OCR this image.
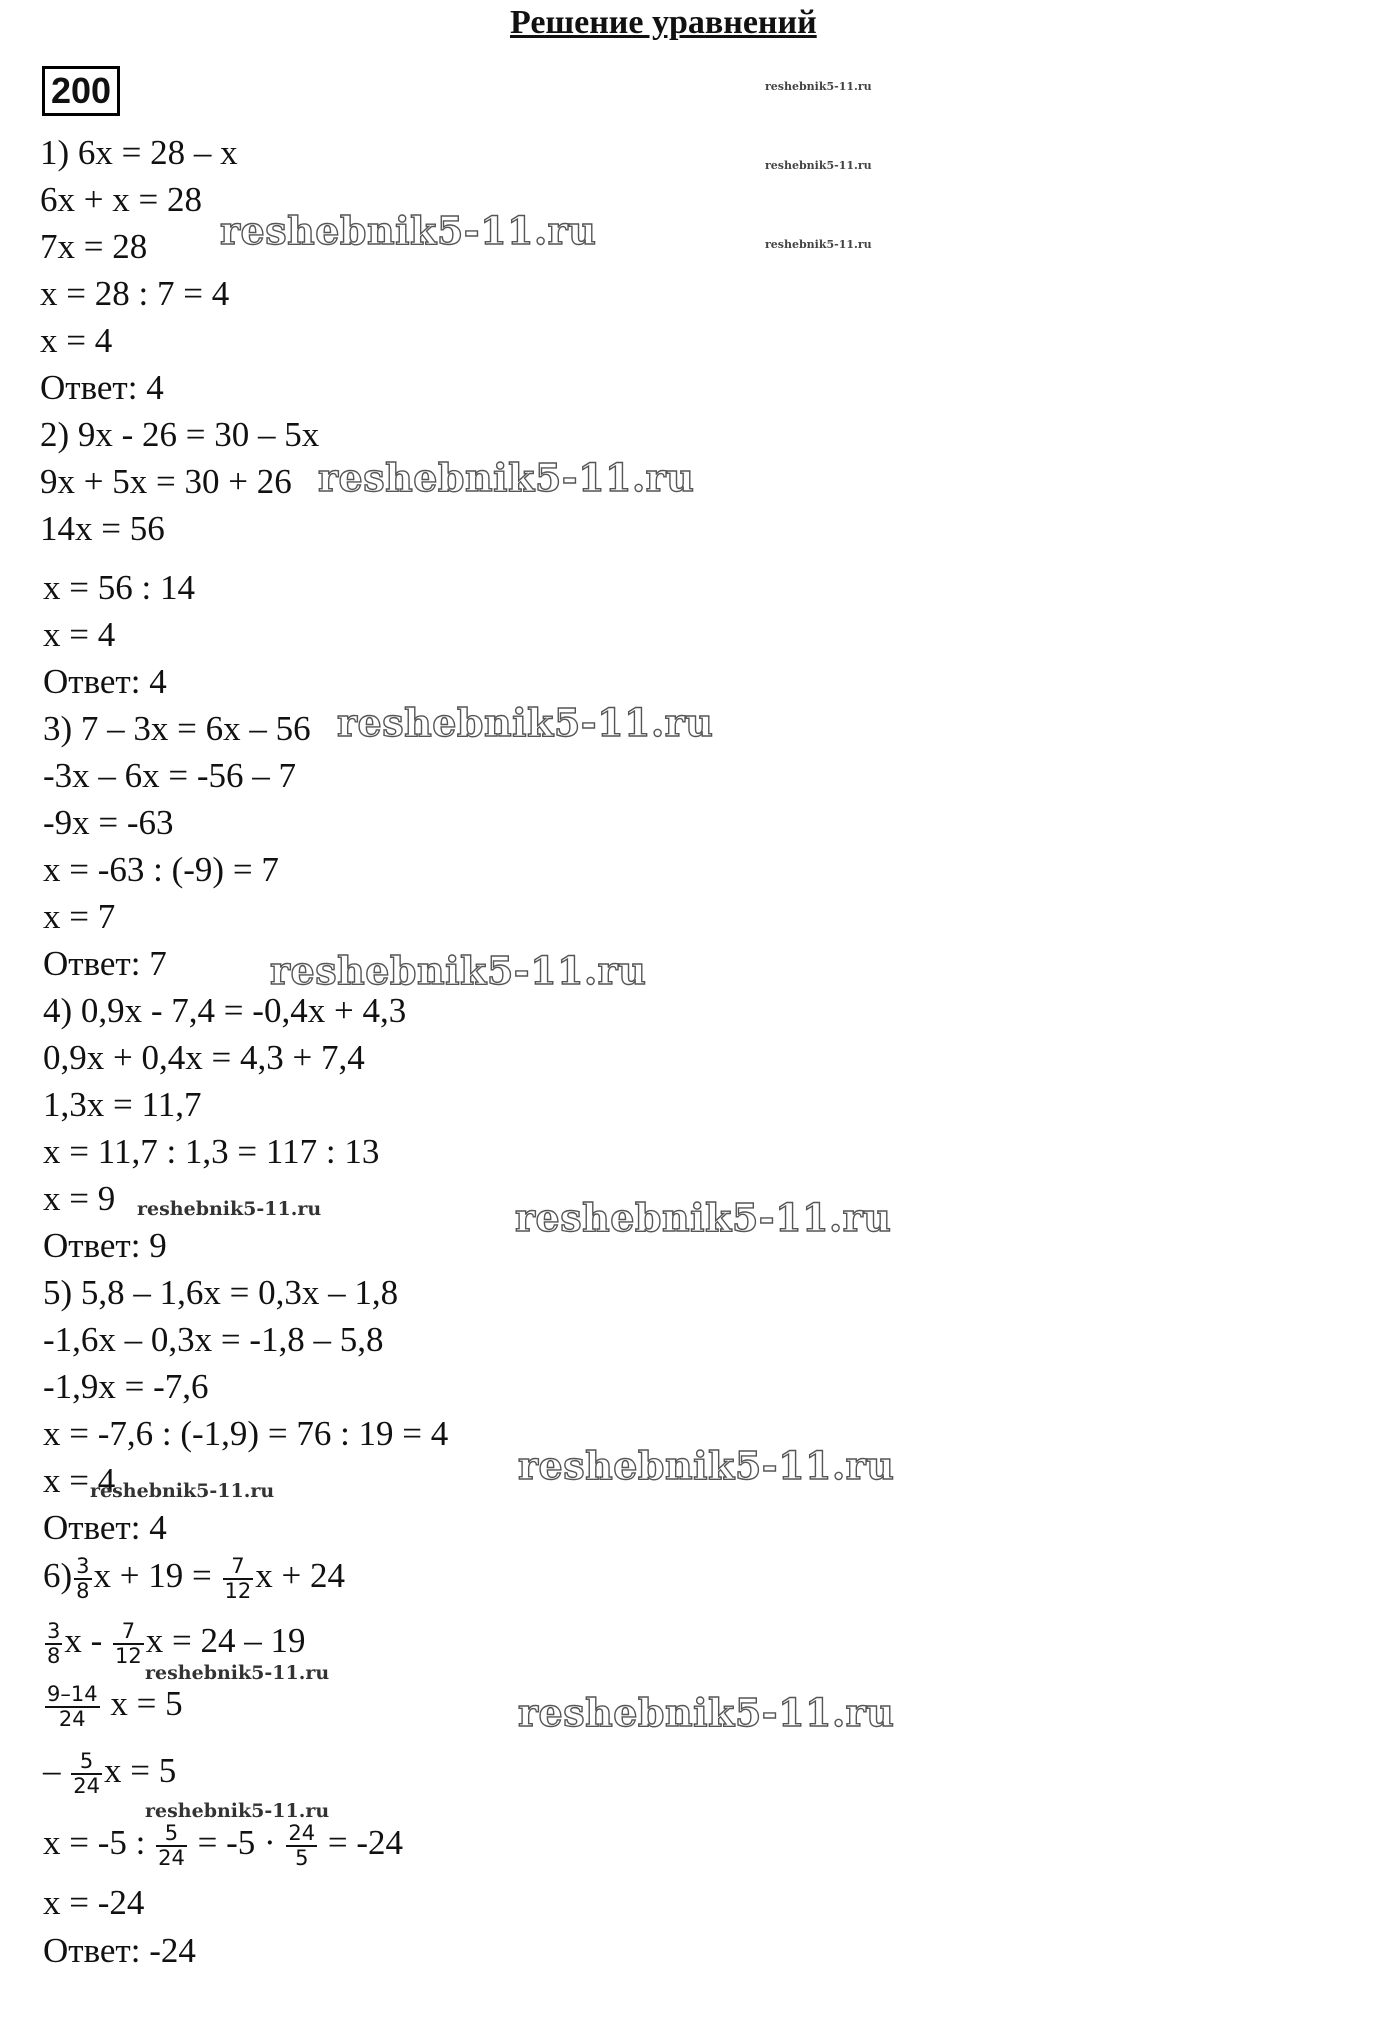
Решение уравнений
200
1) 6x = 28 – x
6x + x = 28
7x = 28
x = 28 : 7 = 4
x = 4
Ответ: 4
2) 9x - 26 = 30 – 5x
9x + 5x = 30 + 26
14x = 56
x = 56 : 14
x = 4
Ответ: 4
3) 7 – 3x = 6x – 56
-3x – 6x = -56 – 7
-9x = -63
x = -63 : (-9) = 7
x = 7
Ответ: 7
4) 0,9x - 7,4 = -0,4x + 4,3
0,9x + 0,4x = 4,3 + 7,4
1,3x = 11,7
x = 11,7 : 1,3 = 117 : 13
x = 9
Ответ: 9
5) 5,8 – 1,6x = 0,3x – 1,8
-1,6x – 0,3x = -1,8 – 5,8
-1,9x = -7,6
x = -7,6 : (-1,9) = 76 : 19 = 4
x = 4
Ответ: 4
$6) \frac{3}{8}$ $x + 19 = \frac{7}{12}$ x + 24
$\frac{3}{8}$ x - $\frac{7}{12}$ x = 24 – 19
$\frac{9-14}{24}$ x = 5
– $\frac{5}{24}$ x = 5
x = -5 : $\frac{5}{24} = -5 \cdot \frac{24}{5} = -24$
x = -24
Ответ: -24
reshebnik5-11.ru
reshebnik5-11.ru
reshebnik5-11.ru
reshebnik5-11.ru
reshebnik5-11.ru
reshebnik5-11.ru
reshebnik5-11.ru
reshebnik5-11.ru
reshebnik5-11.ru
reshebnik5-11.ru
reshebnik5-11.ru
reshebnik5-11.ru
reshebnik5-11.ru
reshebnik5-11.ru
